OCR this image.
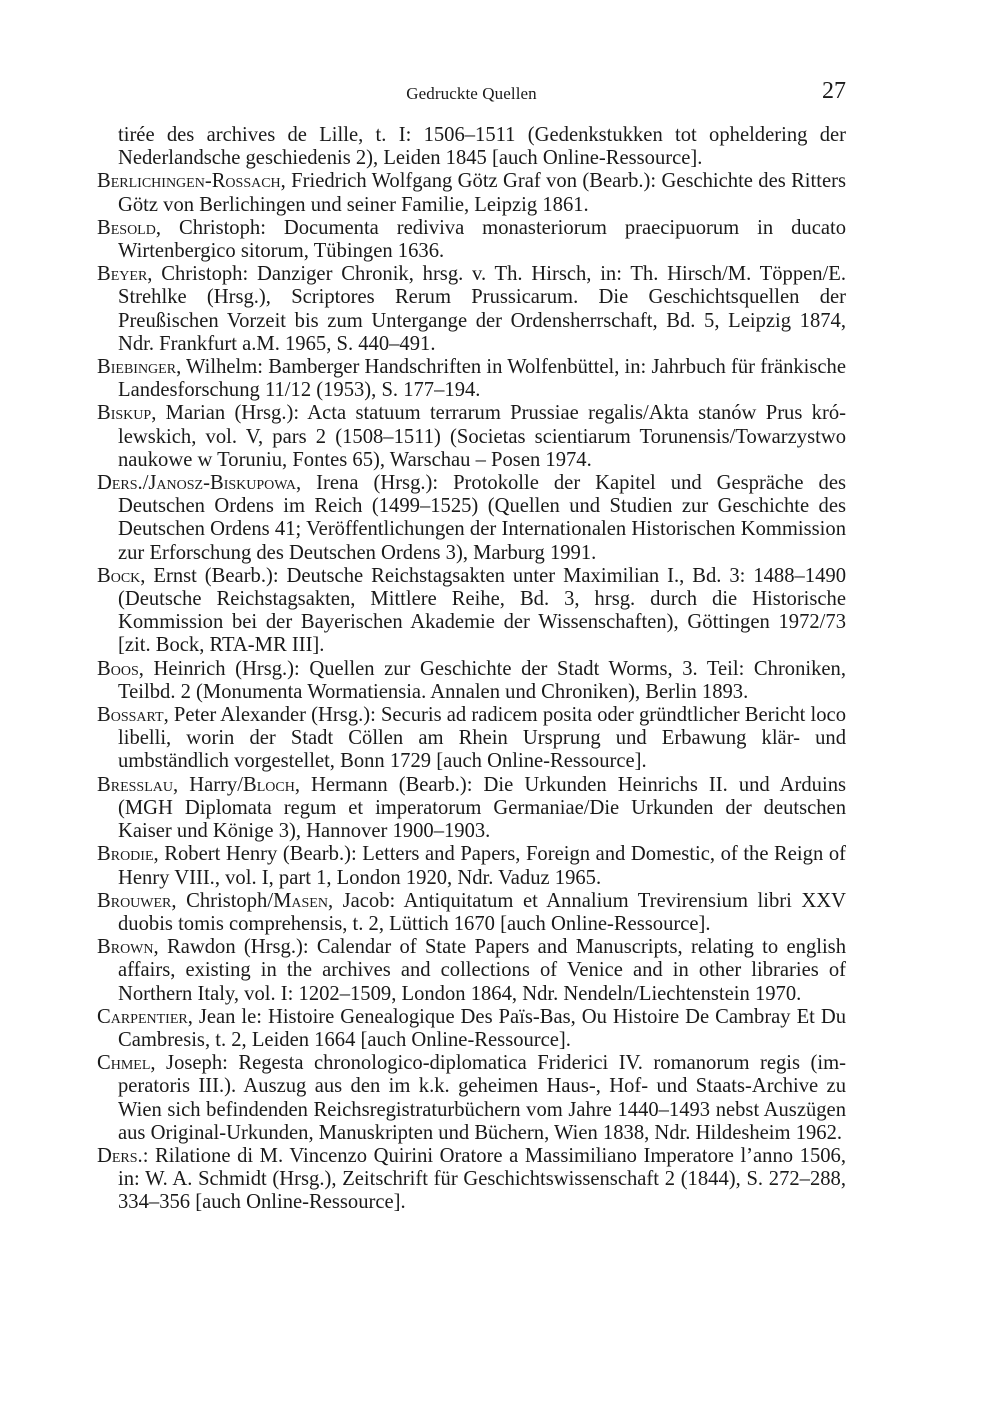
Gedruckte Quellen	27
tirée des archives de Lille, t. I: 1506–1511 (Gedenkstukken tot opheldering der Nederlandsche geschiedenis 2), Leiden 1845 [auch Online-Ressource].
Berlichingen-Rossach, Friedrich Wolfgang Götz Graf von (Bearb.): Geschichte des Ritters Götz von Berlichingen und seiner Familie, Leipzig 1861.
Besold, Christoph: Documenta rediviva monasteriorum praecipuorum in ducato Wirtenbergico sitorum, Tübingen 1636.
Beyer, Christoph: Danziger Chronik, hrsg. v. Th. Hirsch, in: Th. Hirsch/M. Töppen/E. Strehlke (Hrsg.), Scriptores Rerum Prussicarum. Die Geschichtsquellen der Preußischen Vorzeit bis zum Untergange der Ordensherrschaft, Bd. 5, Leipzig 1874, Ndr. Frankfurt a.M. 1965, S. 440–491.
Biebinger, Wilhelm: Bamberger Handschriften in Wolfenbüttel, in: Jahrbuch für fränkische Landesforschung 11/12 (1953), S. 177–194.
Biskup, Marian (Hrsg.): Acta statuum terrarum Prussiae regalis/Akta stanów Prus królewskich, vol. V, pars 2 (1508–1511) (Societas scientiarum Torunensis/Towarzystwo naukowe w Toruniu, Fontes 65), Warschau – Posen 1974.
Ders./Janosz-Biskupowa, Irena (Hrsg.): Protokolle der Kapitel und Gespräche des Deutschen Ordens im Reich (1499–1525) (Quellen und Studien zur Geschichte des Deutschen Ordens 41; Veröffentlichungen der Internationalen Historischen Kommission zur Erforschung des Deutschen Ordens 3), Marburg 1991.
Bock, Ernst (Bearb.): Deutsche Reichstagsakten unter Maximilian I., Bd. 3: 1488–1490 (Deutsche Reichstagsakten, Mittlere Reihe, Bd. 3, hrsg. durch die Historische Kommission bei der Bayerischen Akademie der Wissenschaften), Göttingen 1972/73 [zit. Bock, RTA-MR III].
Boos, Heinrich (Hrsg.): Quellen zur Geschichte der Stadt Worms, 3. Teil: Chroniken, Teilbd. 2 (Monumenta Wormatiensia. Annalen und Chroniken), Berlin 1893.
Bossart, Peter Alexander (Hrsg.): Securis ad radicem posita oder gründtlicher Bericht loco libelli, worin der Stadt Cöllen am Rhein Ursprung und Erbawung klär- und umbständlich vorgestellet, Bonn 1729 [auch Online-Ressource].
Bresslau, Harry/Bloch, Hermann (Bearb.): Die Urkunden Heinrichs II. und Arduins (MGH Diplomata regum et imperatorum Germaniae/Die Urkunden der deutschen Kaiser und Könige 3), Hannover 1900–1903.
Brodie, Robert Henry (Bearb.): Letters and Papers, Foreign and Domestic, of the Reign of Henry VIII., vol. I, part 1, London 1920, Ndr. Vaduz 1965.
Brouwer, Christoph/Masen, Jacob: Antiquitatum et Annalium Trevirensium libri XXV duobis tomis comprehensis, t. 2, Lüttich 1670 [auch Online-Ressource].
Brown, Rawdon (Hrsg.): Calendar of State Papers and Manuscripts, relating to english affairs, existing in the archives and collections of Venice and in other libraries of Northern Italy, vol. I: 1202–1509, London 1864, Ndr. Nendeln/Liechtenstein 1970.
Carpentier, Jean le: Histoire Genealogique Des Païs-Bas, Ou Histoire De Cambray Et Du Cambresis, t. 2, Leiden 1664 [auch Online-Ressource].
Chmel, Joseph: Regesta chronologico-diplomatica Friderici IV. romanorum regis (imperatoris III.). Auszug aus den im k.k. geheimen Haus-, Hof- und Staats-Archive zu Wien sich befindenden Reichsregistraturbüchern vom Jahre 1440–1493 nebst Auszügen aus Original-Urkunden, Manuskripten und Büchern, Wien 1838, Ndr. Hildesheim 1962.
Ders.: Rilatione di M. Vincenzo Quirini Oratore a Massimiliano Imperatore l’anno 1506, in: W. A. Schmidt (Hrsg.), Zeitschrift für Geschichtswissenschaft 2 (1844), S. 272–288, 334–356 [auch Online-Ressource].
